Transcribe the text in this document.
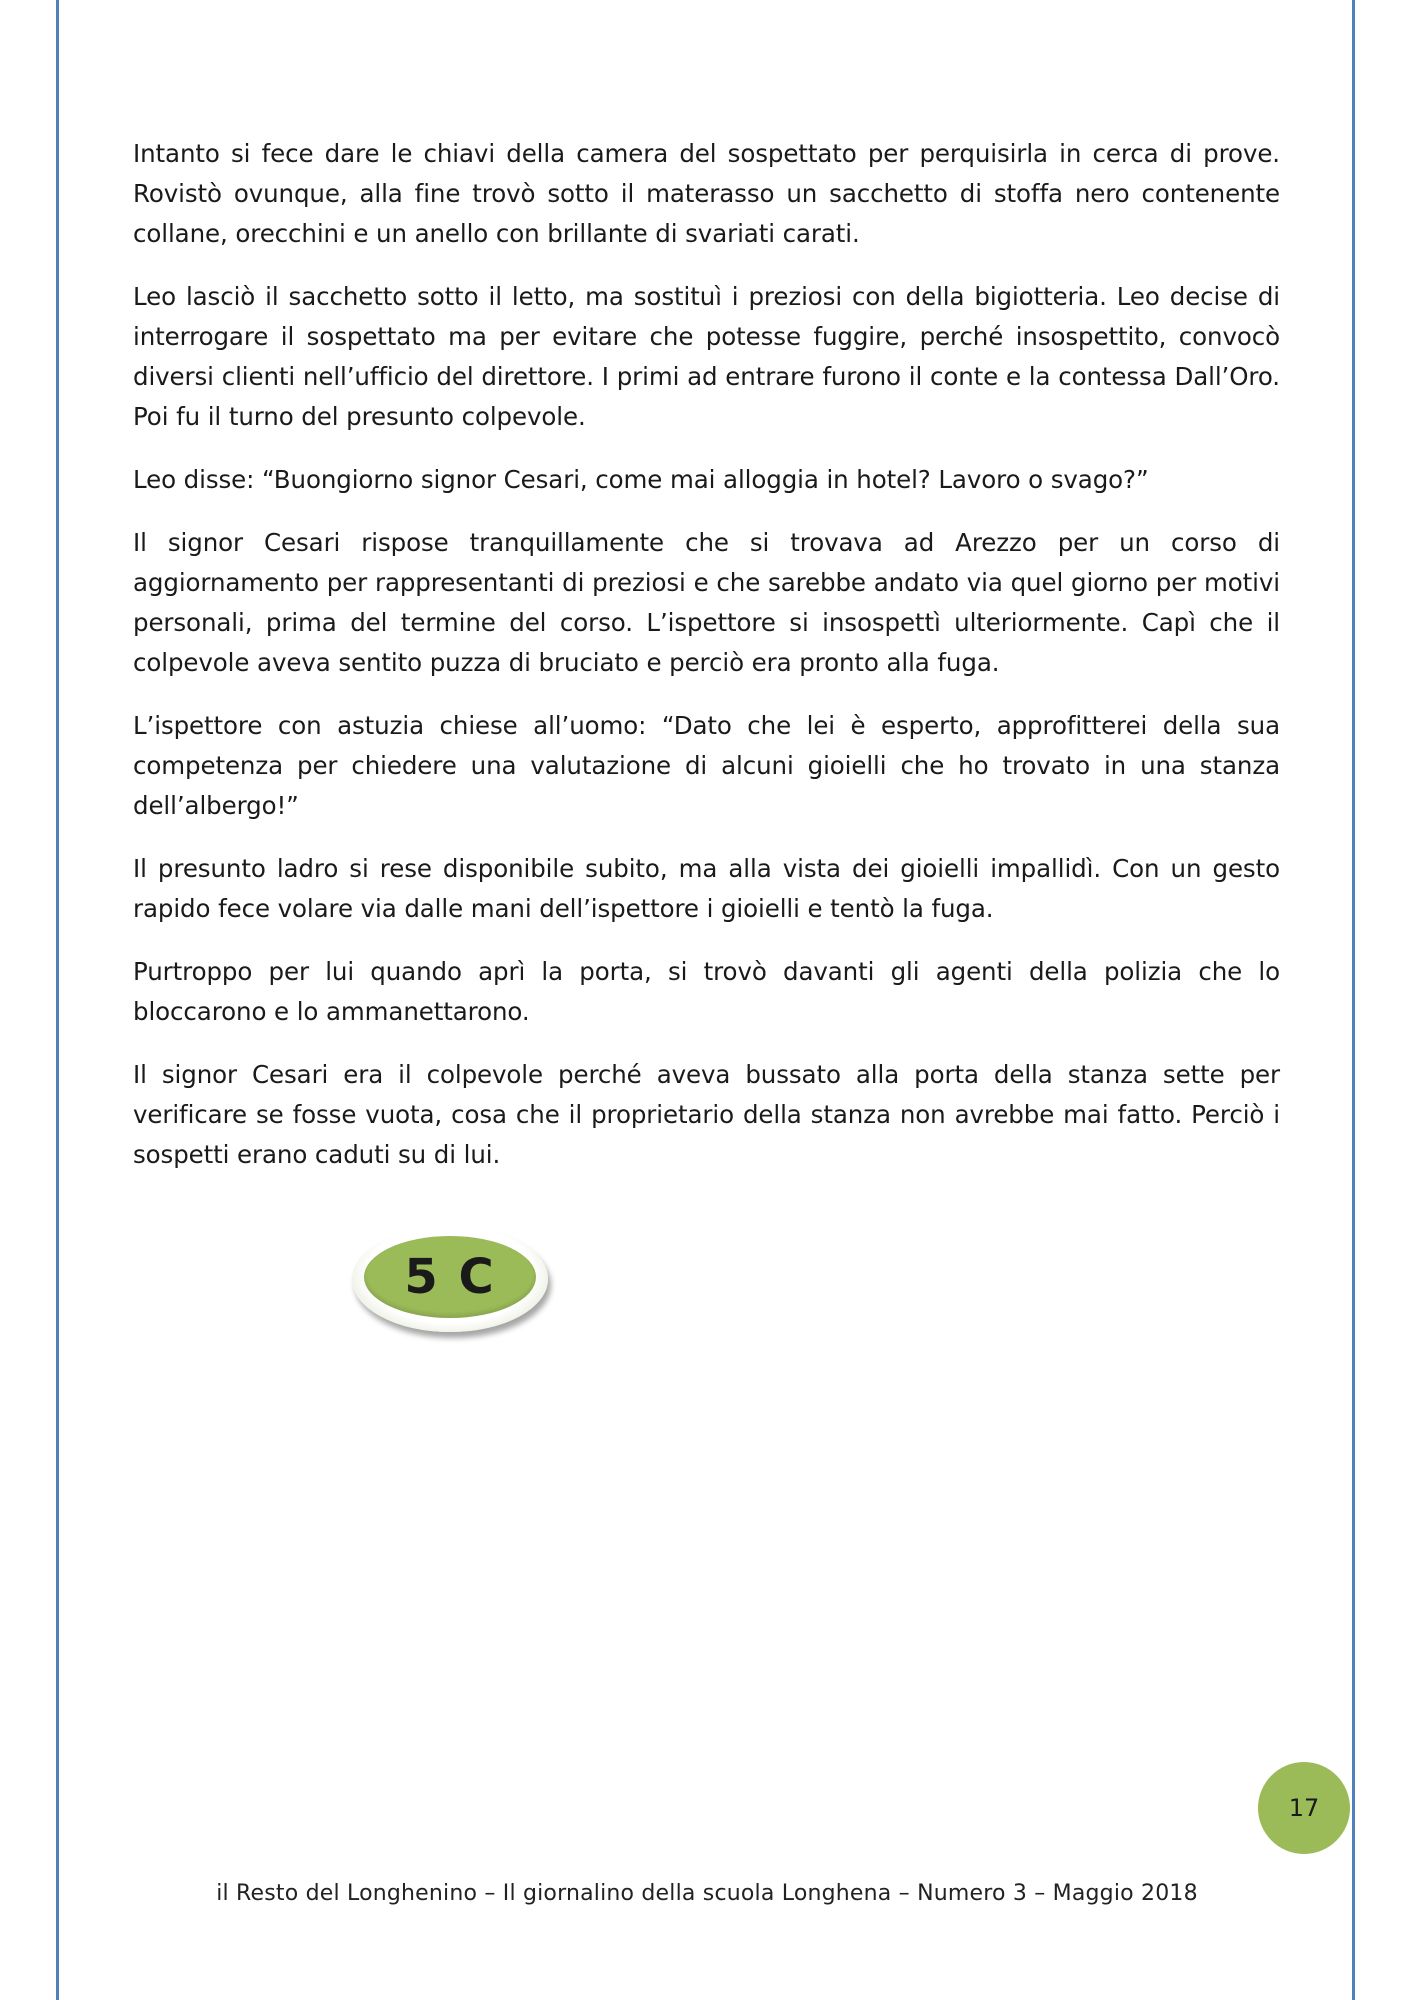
Intanto si fece dare le chiavi della camera del sospettato per perquisirla in cerca di prove. Rovistò ovunque, alla fine trovò sotto il materasso un sacchetto di stoffa nero contenente collane, orecchini e un anello con brillante di svariati carati.

Leo lasciò il sacchetto sotto il letto, ma sostituì i preziosi con della bigiotteria. Leo decise di interrogare il sospettato ma per evitare che potesse fuggire, perché insospettito, convocò diversi clienti nell’ufficio del direttore. I primi ad entrare furono il conte e la contessa Dall’Oro. Poi fu il turno del presunto colpevole.

Leo disse: “Buongiorno signor Cesari, come mai alloggia in hotel? Lavoro o svago?”

Il signor Cesari rispose tranquillamente che si trovava ad Arezzo per un corso di aggiornamento per rappresentanti di preziosi e che sarebbe andato via quel giorno per motivi personali, prima del termine del corso. L’ispettore si insospettì ulteriormente. Capì che il colpevole aveva sentito puzza di bruciato e perciò era pronto alla fuga.

L’ispettore con astuzia chiese all’uomo: “Dato che lei è esperto, approfitterei della sua competenza per chiedere una valutazione di alcuni gioielli che ho trovato in una stanza dell’albergo!”

Il presunto ladro si rese disponibile subito, ma alla vista dei gioielli impallidì. Con un gesto rapido fece volare via dalle mani dell’ispettore i gioielli e tentò la fuga.

Purtroppo per lui quando aprì la porta, si trovò davanti gli agenti della polizia che lo bloccarono e lo ammanettarono.

Il signor Cesari era il colpevole perché aveva bussato alla porta della stanza sette per verificare se fosse vuota, cosa che il proprietario della stanza non avrebbe mai fatto. Perciò i sospetti erano caduti su di lui.

5 C
17
il Resto del Longhenino – Il giornalino della scuola Longhena – Numero 3 – Maggio 2018
